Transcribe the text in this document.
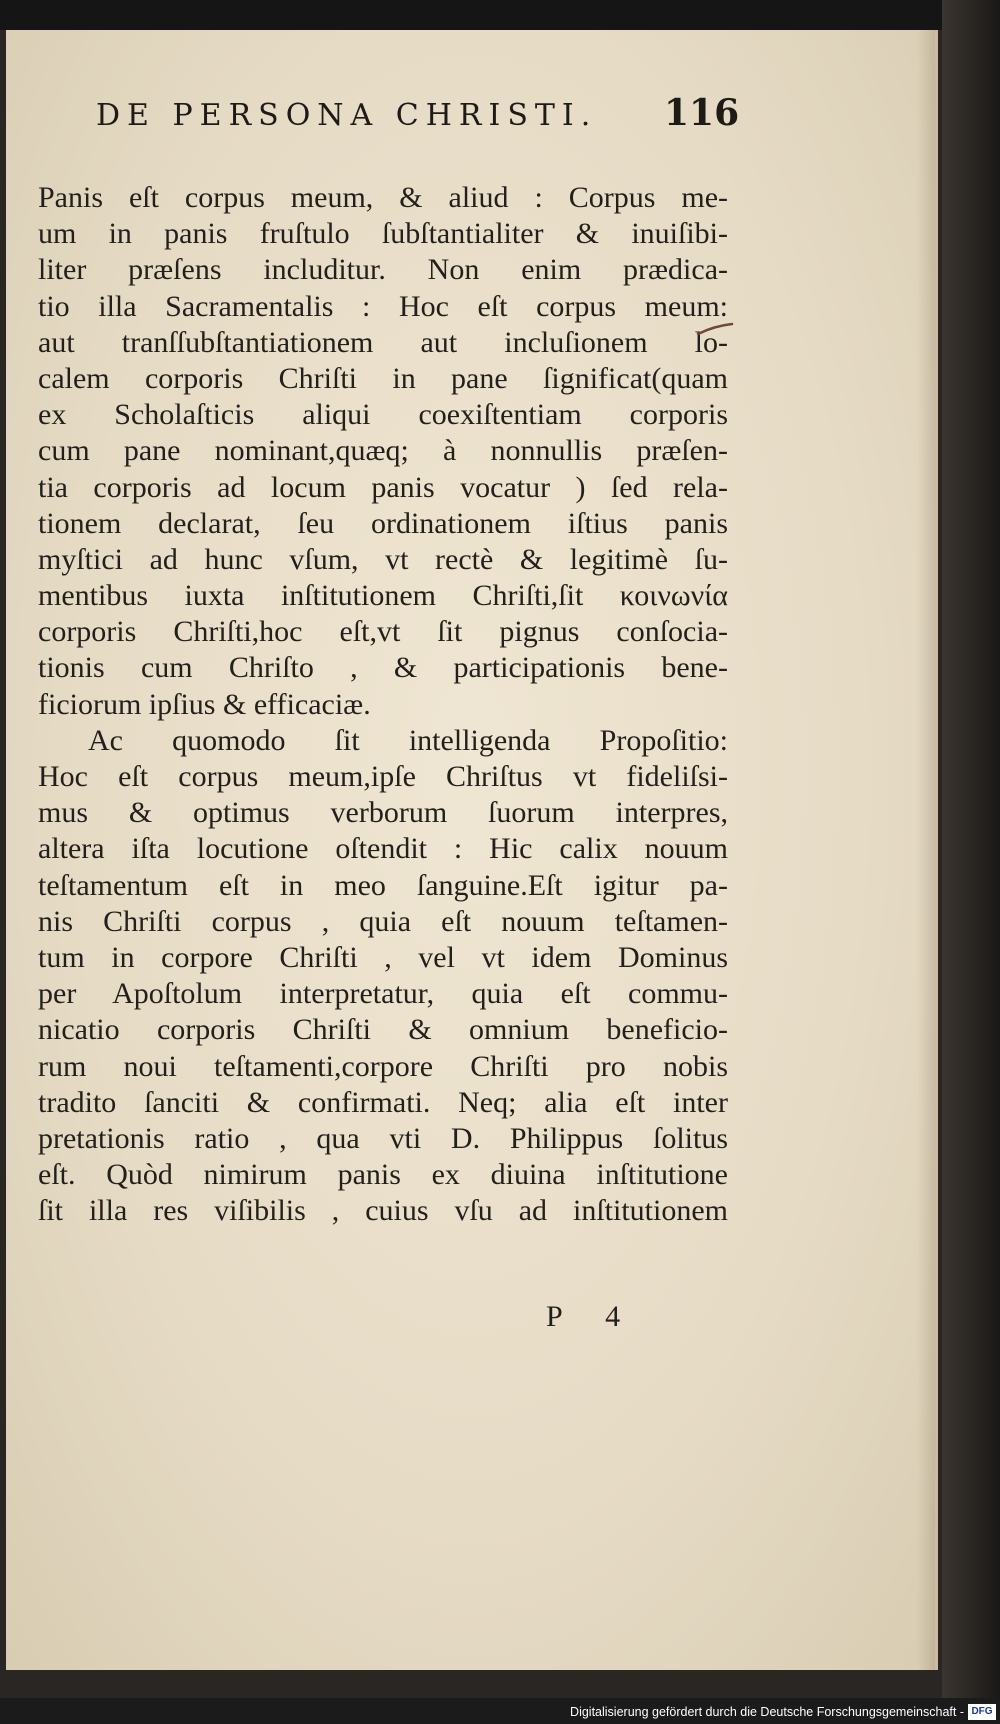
DE PERSONA CHRISTI.	116
Panis eſt corpus meum, & aliud : Corpus me-
um in panis fruſtulo ſubſtantialiter & inuiſibi-
liter præſens includitur. Non enim prædica-
tio illa Sacramentalis : Hoc eſt corpus meum:
aut tranſſubſtantiationem aut incluſionem lo-
calem corporis Chriſti in pane ſignificat(quam
ex Scholaſticis aliqui coexiſtentiam corporis
cum pane nominant,quæq; à nonnullis præſen-
tia corporis ad locum panis vocatur ) ſed rela-
tionem declarat, ſeu ordinationem iſtius panis
myſtici ad hunc vſum, vt rectè & legitimè ſu-
mentibus iuxta inſtitutionem Chriſti,ſit κοινωνία
corporis Chriſti,hoc eſt,vt ſit pignus conſocia-
tionis cum Chriſto , & participationis bene-
ficiorum ipſius & efficaciæ.
Ac quomodo ſit intelligenda Propoſitio:
Hoc eſt corpus meum,ipſe Chriſtus vt fideliſsi-
mus & optimus verborum ſuorum interpres,
altera iſta locutione oſtendit : Hic calix nouum
teſtamentum eſt in meo ſanguine.Eſt igitur pa-
nis Chriſti corpus , quia eſt nouum teſtamen-
tum in corpore Chriſti , vel vt idem Dominus
per Apoſtolum interpretatur, quia eſt commu-
nicatio corporis Chriſti & omnium beneficio-
rum noui teſtamenti,corpore Chriſti pro nobis
tradito ſanciti & confirmati. Neq; alia eſt inter
pretationis ratio , qua vti D. Philippus ſolitus
eſt. Quòd nimirum panis ex diuina inſtitutione
ſit illa res viſibilis , cuius vſu ad inſtitutionem
P 4
Digitalisierung gefördert durch die Deutsche Forschungsgemeinschaft - DFG
